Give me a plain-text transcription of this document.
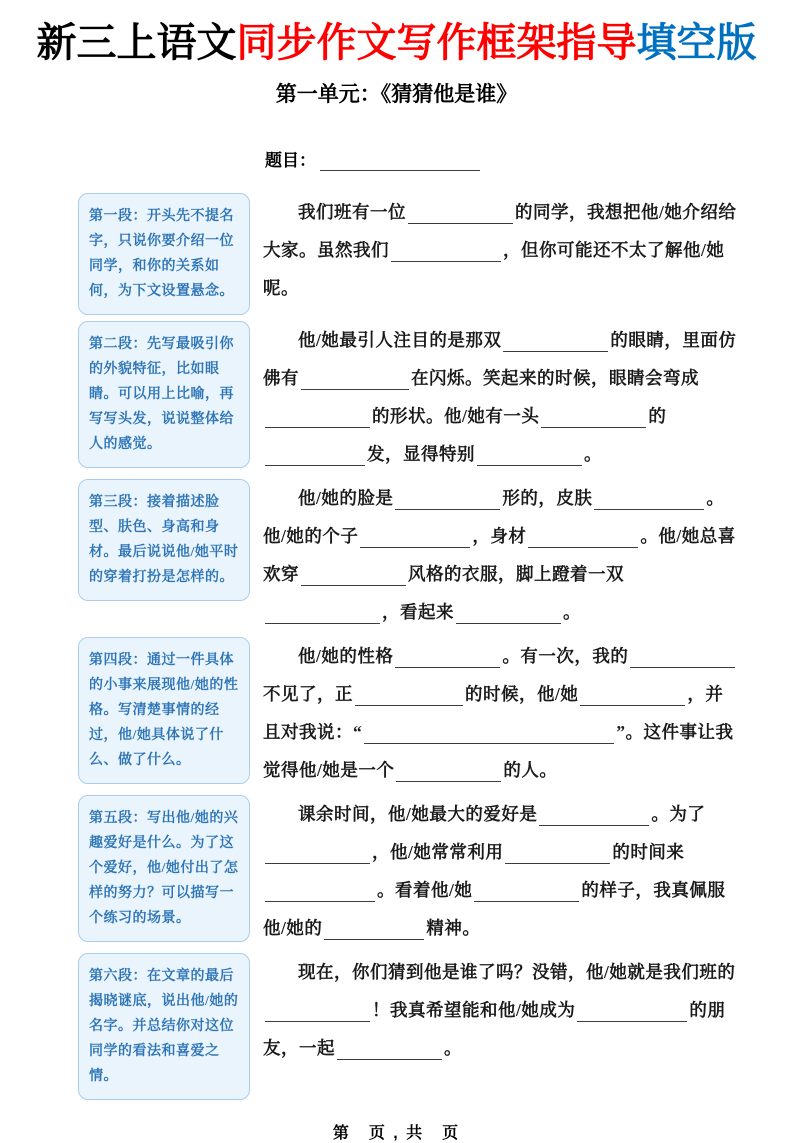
新三上语文同步作文写作框架指导填空版
第一单元：《猜猜他是谁》
题目：
第一段：开头先不提名字，只说你要介绍一位同学，和你的关系如何，为下文设置悬念。
我们班有一位	的同学，我想把他/她介绍给大家。虽然我们	，但你可能还不太了解他/她呢。
第二段：先写最吸引你的外貌特征，比如眼睛。可以用上比喻，再写写头发，说说整体给人的感觉。
他/她最引人注目的是那双	的眼睛，里面仿佛有	在闪烁。笑起来的时候，眼睛会弯成的形状。他/她有一头	的发，显得特别	。
第三段：接着描述脸型、肤色、身高和身材。最后说说他/她平时的穿着打扮是怎样的。
他/她的脸是	形的，皮肤	。他/她的个子	，身材	。他/她总喜欢穿	风格的衣服，脚上蹬着一双，看起来	。
第四段：通过一件具体的小事来展现他/她的性格。写清楚事情的经过，他/她具体说了什么、做了什么。
他/她的性格	。有一次，我的不见了，正	的时候，他/她	，并且对我说：“	”。这件事让我觉得他/她是一个	的人。
第五段：写出他/她的兴趣爱好是什么。为了这个爱好，他/她付出了怎样的努力？可以描写一个练习的场景。
课余时间，他/她最大的爱好是	。为了，他/她常常利用	的时间来。看着他/她	的样子，我真佩服他/她的	精神。
第六段：在文章的最后揭晓谜底，说出他/她的名字。并总结你对这位同学的看法和喜爱之情。
现在，你们猜到他是谁了吗？没错，他/她就是我们班的！我真希望能和他/她成为	的朋友，一起	。
第　页 , 共　页
